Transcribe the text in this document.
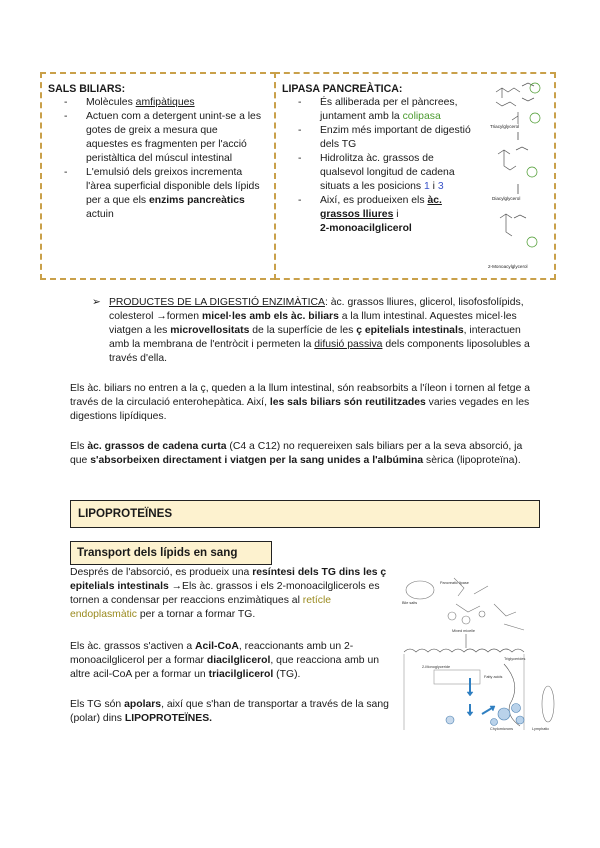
SALS BILIARS:
- Molècules amfipàtiques
- Actuen com a detergent unint-se a les gotes de greix a mesura que aquestes es fragmenten per l'acció peristàltica del múscul intestinal
- L'emulsió dels greixos incrementa l'àrea superficial disponible dels lípids per a que els enzims pancreàtics actuin
LIPASA PANCREÀTICA:
- És alliberada per el pàncrees, juntament amb la colipasa
- Enzim més important de digestió dels TG
- Hidrolitza àc. grassos de qualsevol longitud de cadena situats a les posicions 1 i 3
- Així, es produeixen els àc. grassos lliures i
2-monoacilglicerol
Triacylglycerol
Diacylglycerol
2-Monoacylglycerol
➢ PRODUCTES DE LA DIGESTIÓ ENZIMÀTICA: àc. grassos lliures, glicerol, lisofosfolípids, colesterol →formen micel·les amb els àc. biliars a la llum intestinal. Aquestes micel·les viatgen a les microvellositats de la superfície de les ç epitelials intestinals, interactuen amb la membrana de l'entròcit i permeten la difusió passiva dels components liposolubles a través d'ella.

Els àc. biliars no entren a la ç, queden a la llum intestinal, són reabsorbits a l'íleon i tornen al fetge a través de la circulació enterohepàtica. Així, les sals biliars són reutilitzades varies vegades en les digestions lipídiques.

Els àc. grassos de cadena curta (C4 a C12) no requereixen sals biliars per a la seva absorció, ja que s'absorbeixen directament i viatgen per la sang unides a l'albúmina sèrica (lipoproteïna).

LIPOPROTEÏNES
Transport dels lípids en sang
Després de l'absorció, es produeix una resíntesi dels TG dins les ç epitelials intestinals →Els àc. grassos i els 2-monoacilglicerols es tornen a condensar per reaccions enzimàtiques al retícle endoplasmàtic per a tornar a formar TG.
Els àc. grassos s'activen a Acil-CoA, reaccionants amb un 2-monoacilglicerol per a formar diacilglicerol, que reacciona amb un altre acil-CoA per a formar un triacilglicerol (TG).
Els TG són apolars, així que s'han de transportar a través de la sang (polar) dins LIPOPROTEÏNES.
Pancreatic lipase
Bile salts
Mixed micelle
Triglycerides
2-Monoglyceride
Fatty acids
Chylomicrons	Lymphatic
